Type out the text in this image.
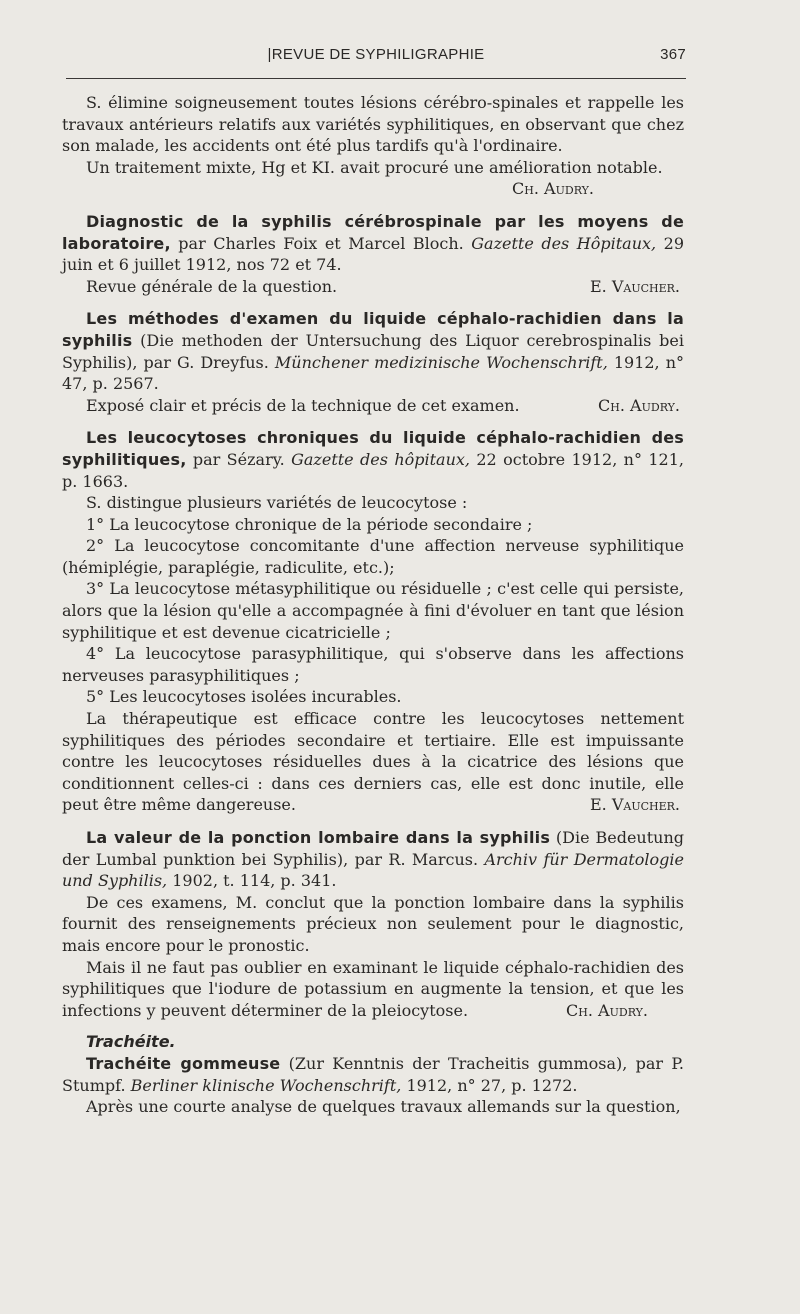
|REVUE DE SYPHILIGRAPHIE	367

S. élimine soigneusement toutes lésions cérébro-spinales et rappelle les travaux antérieurs relatifs aux variétés syphilitiques, en observant que chez son malade, les accidents ont été plus tardifs qu'à l'ordinaire.

Un traitement mixte, Hg et KI. avait procuré une amélioration notable.

Ch. Audry.

Diagnostic de la syphilis cérébrospinale par les moyens de laboratoire, par Charles Foix et Marcel Bloch. Gazette des Hôpitaux, 29 juin et 6 juillet 1912, nos 72 et 74.

Revue générale de la question.	E. Vaucher.

Les méthodes d'examen du liquide céphalo-rachidien dans la syphilis (Die methoden der Untersuchung des Liquor cerebrospinalis bei Syphilis), par G. Dreyfus. Münchener medizinische Wochenschrift, 1912, n° 47, p. 2567.

Exposé clair et précis de la technique de cet examen.	Ch. Audry.

Les leucocytoses chroniques du liquide céphalo-rachidien des syphilitiques, par Sézary. Gazette des hôpitaux, 22 octobre 1912, n° 121, p. 1663.

S. distingue plusieurs variétés de leucocytose :

1° La leucocytose chronique de la période secondaire ;

2° La leucocytose concomitante d'une affection nerveuse syphilitique (hémiplégie, paraplégie, radiculite, etc.);

3° La leucocytose métasyphilitique ou résiduelle ; c'est celle qui persiste, alors que la lésion qu'elle a accompagnée à fini d'évoluer en tant que lésion syphilitique et est devenue cicatricielle ;

4° La leucocytose parasyphilitique, qui s'observe dans les affections nerveuses parasyphilitiques ;

5° Les leucocytoses isolées incurables.

La thérapeutique est efficace contre les leucocytoses nettement syphilitiques des périodes secondaire et tertiaire. Elle est impuissante contre les leucocytoses résiduelles dues à la cicatrice des lésions que conditionnent celles-ci : dans ces derniers cas, elle est donc inutile, elle peut être même dangereuse.	E. Vaucher.

La valeur de la ponction lombaire dans la syphilis (Die Bedeutung der Lumbal punktion bei Syphilis), par R. Marcus. Archiv für Dermatologie und Syphilis, 1902, t. 114, p. 341.

De ces examens, M. conclut que la ponction lombaire dans la syphilis fournit des renseignements précieux non seulement pour le diagnostic, mais encore pour le pronostic.

Mais il ne faut pas oublier en examinant le liquide céphalo-rachidien des syphilitiques que l'iodure de potassium en augmente la tension, et que les infections y peuvent déterminer de la pleiocytose.	Ch. Audry.

Trachéite.

Trachéite gommeuse (Zur Kenntnis der Tracheitis gummosa), par P. Stumpf. Berliner klinische Wochenschrift, 1912, n° 27, p. 1272.

Après une courte analyse de quelques travaux allemands sur la question,
